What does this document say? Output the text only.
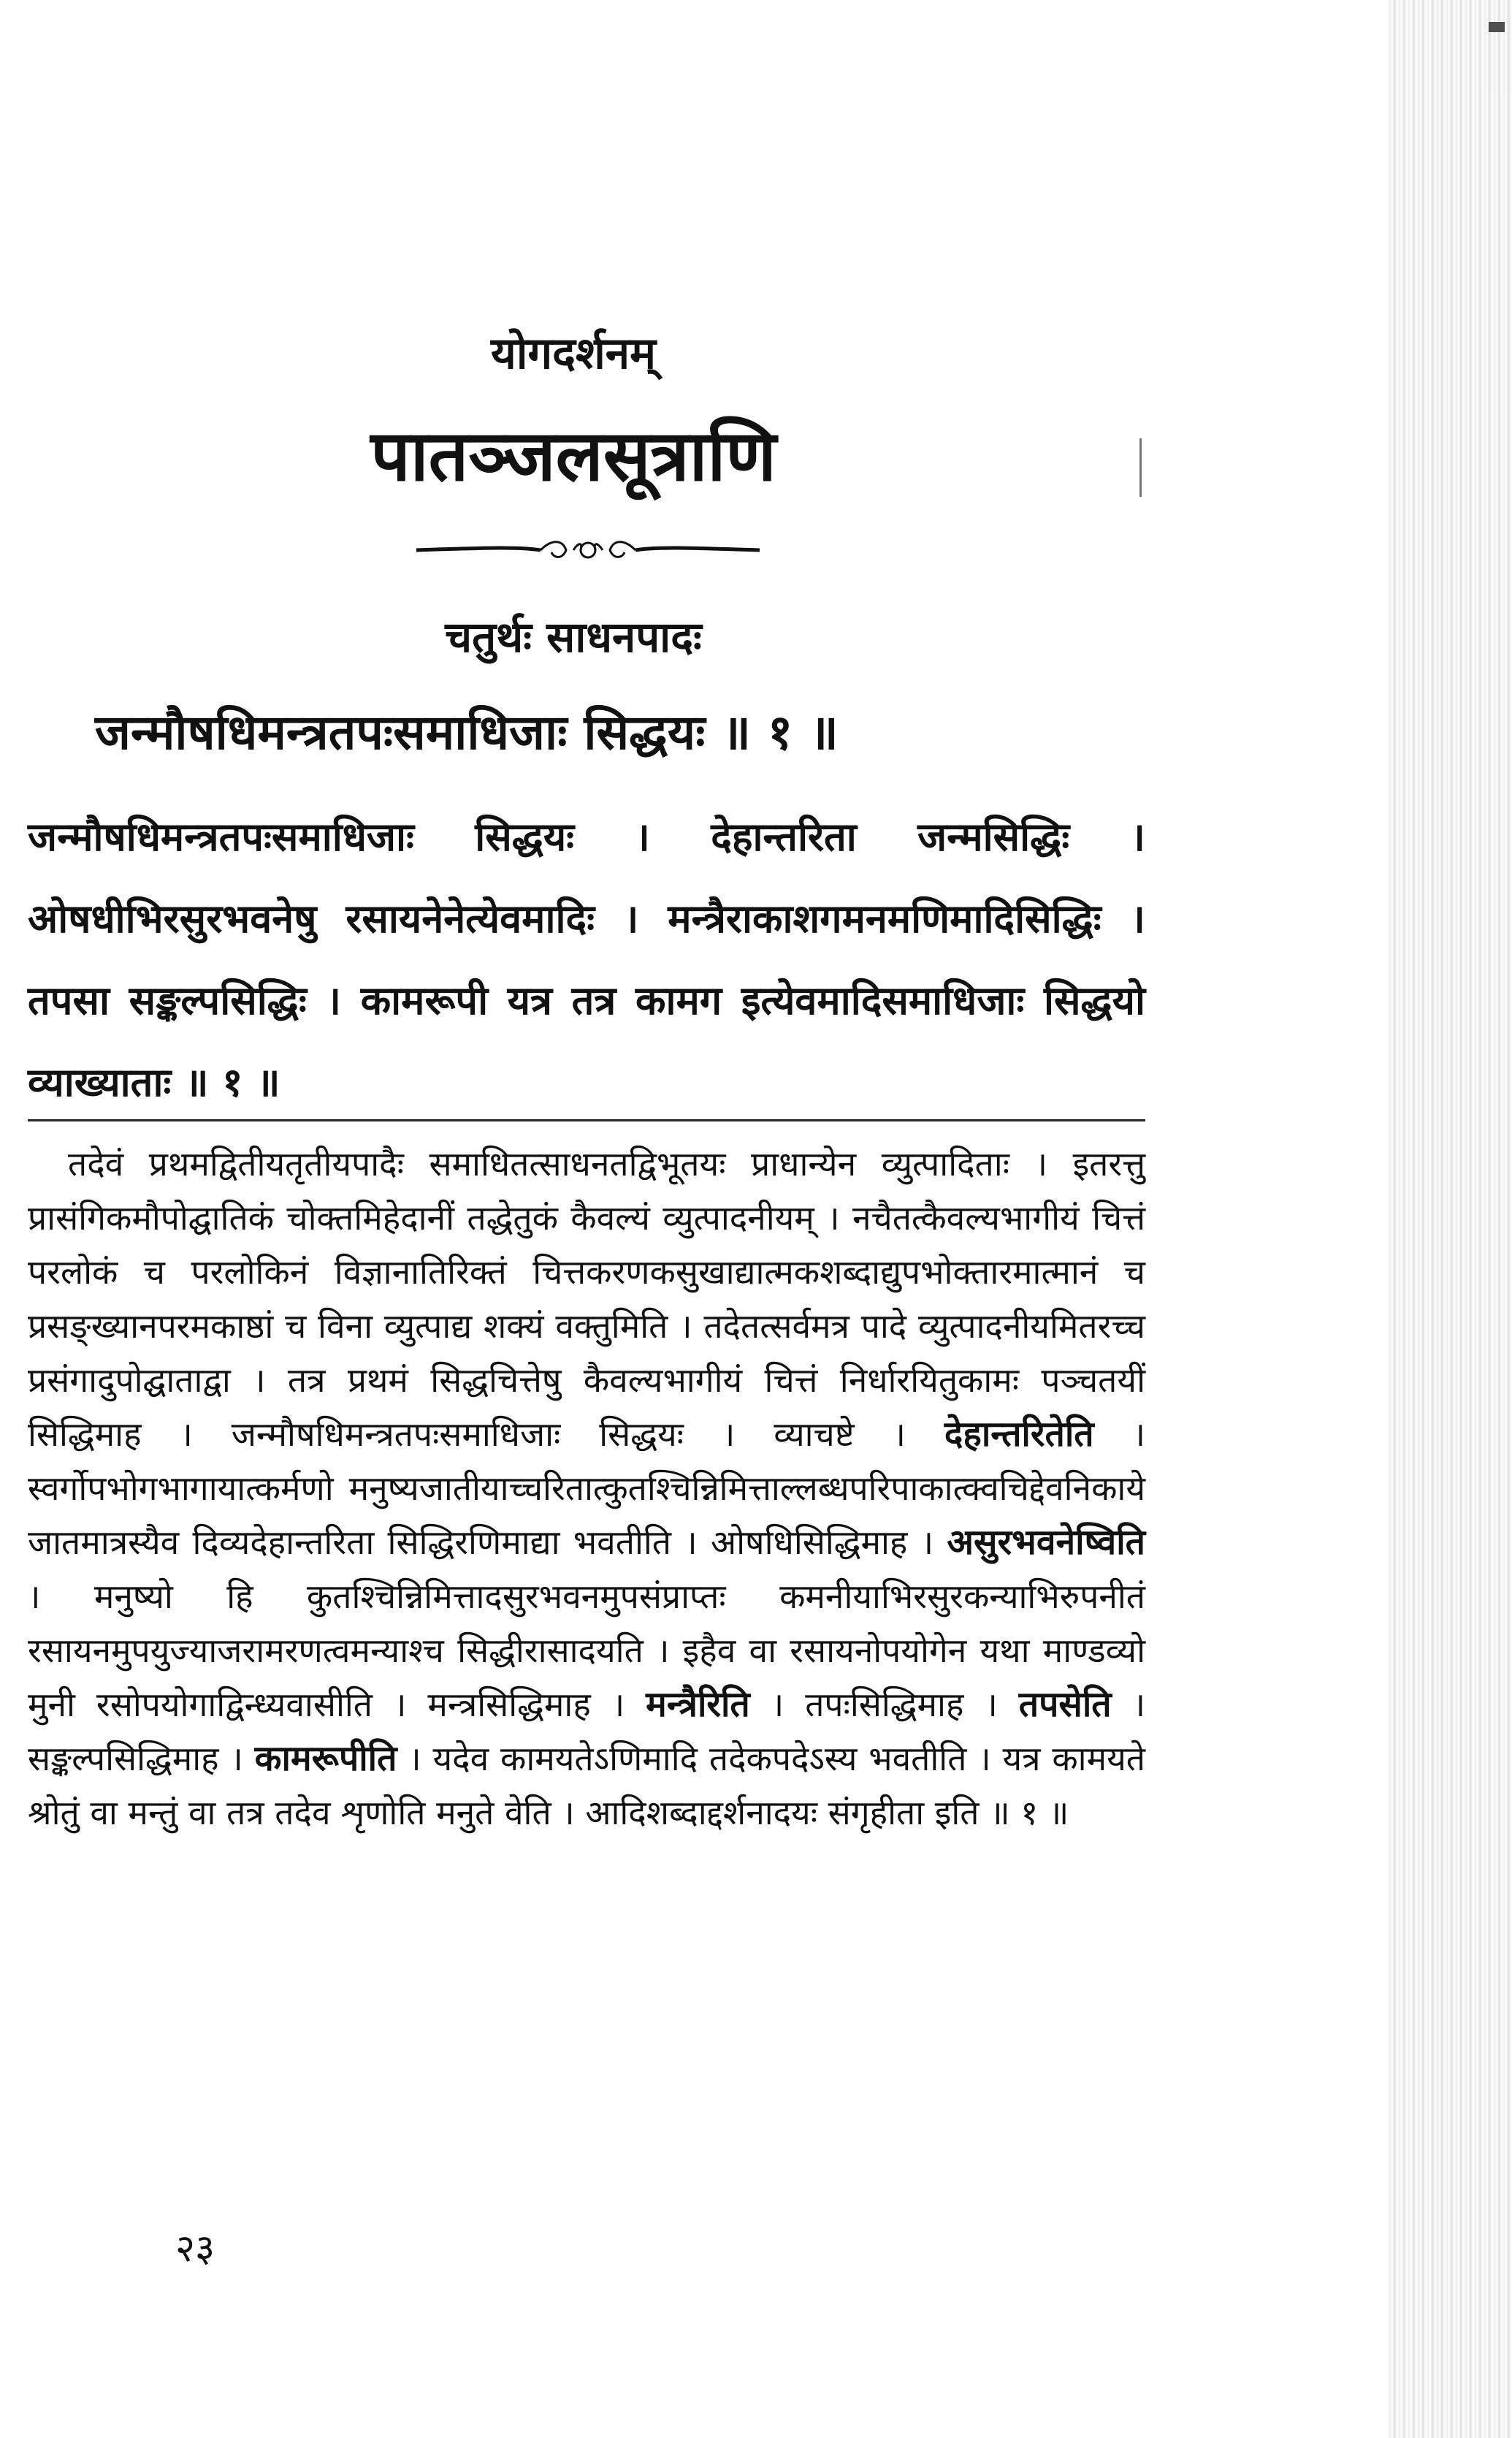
योगदर्शनम्
पातञ्जलसूत्राणि
चतुर्थः साधनपादः
जन्मौषधिमन्त्रतपःसमाधिजाः सिद्धयः ॥ १ ॥
जन्मौषधिमन्त्रतपःसमाधिजाः सिद्धयः । देहान्तरिता जन्मसिद्धिः । ओषधीभिरसुरभवनेषु रसायनेनेत्येवमादिः । मन्त्रैराकाशगमनमणिमादिसिद्धिः । तपसा सङ्कल्पसिद्धिः । कामरूपी यत्र तत्र कामग इत्येवमादिसमाधिजाः सिद्धयो व्याख्याताः ॥ १ ॥

तदेवं प्रथमद्वितीयतृतीयपादैः समाधितत्साधनतद्विभूतयः प्राधान्येन व्युत्पादिताः । इतरत्तु प्रासंगिकमौपोद्घातिकं चोक्तमिहेदानीं तद्धेतुकं कैवल्यं व्युत्पादनीयम् । नचैतत्कैवल्यभागीयं चित्तं परलोकं च परलोकिनं विज्ञानातिरिक्तं चित्तकरणकसुखाद्यात्मकशब्दाद्युपभोक्तारमात्मानं च प्रसङ्ख्यानपरमकाष्ठां च विना व्युत्पाद्य शक्यं वक्तुमिति । तदेतत्सर्वमत्र पादे व्युत्पादनीयमितरच्च प्रसंगादुपोद्घाताद्वा । तत्र प्रथमं सिद्धचित्तेषु कैवल्यभागीयं चित्तं निर्धारयितुकामः पञ्चतयीं सिद्धिमाह । जन्मौषधिमन्त्रतपःसमाधिजाः सिद्धयः । व्याचष्टे । देहान्तरितेति । स्वर्गोपभोगभागायात्कर्मणो मनुष्यजातीयाच्चरितात्कुतश्चिन्निमित्ताल्लब्धपरिपाकात्क्वचिद्देवनिकाये जातमात्रस्यैव दिव्यदेहान्तरिता सिद्धिरणिमाद्या भवतीति । ओषधिसिद्धिमाह । असुरभवनेष्विति । मनुष्यो हि कुतश्चिन्निमित्तादसुरभवनमुपसंप्राप्तः कमनीयाभिरसुरकन्याभिरुपनीतं रसायनमुपयुज्याजरामरणत्वमन्याश्च सिद्धीरासादयति । इहैव वा रसायनोपयोगेन यथा माण्डव्यो मुनी रसोपयोगाद्विन्ध्यवासीति । मन्त्रसिद्धिमाह । मन्त्रैरिति । तपःसिद्धिमाह । तपसेति । सङ्कल्पसिद्धिमाह । कामरूपीति । यदेव कामयतेऽणिमादि तदेकपदेऽस्य भवतीति । यत्र कामयते श्रोतुं वा मन्तुं वा तत्र तदेव शृणोति मनुते वेति । आदिशब्दाद्दर्शनादयः संगृहीता इति ॥ १ ॥

२३
